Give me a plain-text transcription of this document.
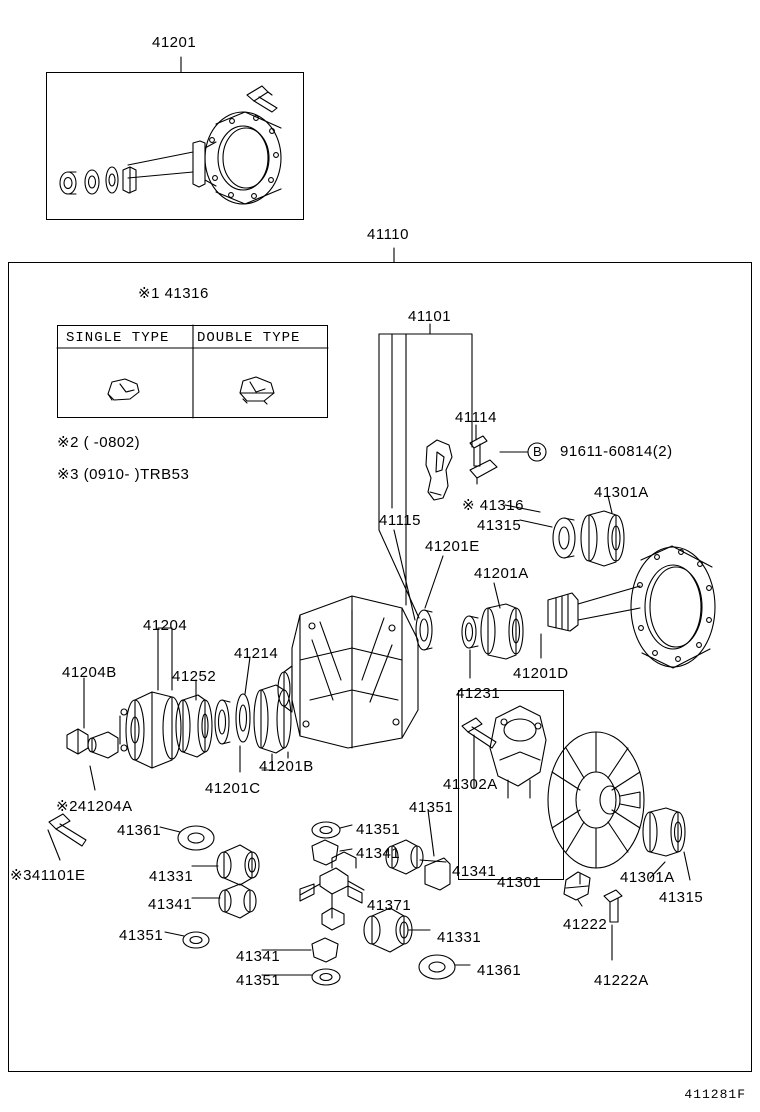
41201
41110
※1 41316
SINGLE TYPE DOUBLE TYPE
※2 ( -0802)
※3 (0910- )TRB53
B 91611-60814(2)
41101
41114
41115
※ 41316
41315
41301A
41201E
41201A
41201D
41231
41204
41214
41204B	41252
41201B
41201C
※241204A
41361
※341101E	41331
41341
41351
41341
41351
41351
41341
41371
41341
41331
41361
41351
41302A
41301	41301A
41315
41222
41222A
411281F
